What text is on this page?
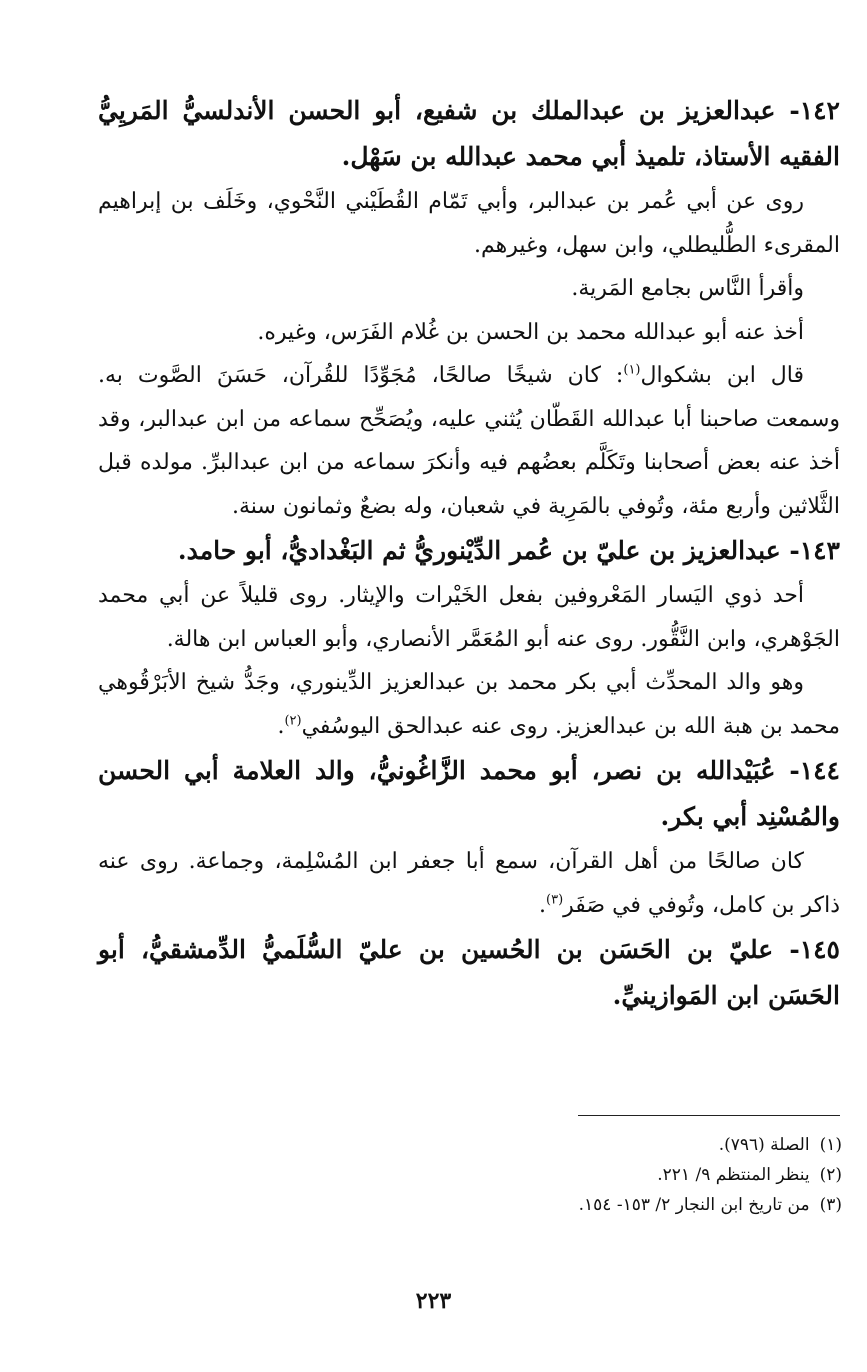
١٤٢- عبدالعزيز بن عبدالملك بن شفيع، أبو الحسن الأندلسيُّ المَريِيُّ الفقيه الأستاذ، تلميذ أبي محمد عبدالله بن سَهْل.

روى عن أبي عُمر بن عبدالبر، وأبي تَمّام القُطَيْني النَّحْوي، وخَلَف بن إبراهيم المقرىء الطُّليطلي، وابن سهل، وغيرهم.

وأقرأ النَّاس بجامع المَرية.

أخذ عنه أبو عبدالله محمد بن الحسن بن غُلام الفَرَس، وغيره.

قال ابن بشكوال$^{(١)}$: كان شيخًا صالحًا، مُجَوِّدًا للقُرآن، حَسَنَ الصَّوت به. وسمعت صاحبنا أبا عبدالله القَطّان يُثني عليه، ويُصَحِّح سماعه من ابن عبدالبر، وقد أخذ عنه بعض أصحابنا وتَكَلَّم بعضُهم فيه وأنكرَ سماعه من ابن عبدالبرِّ. مولده قبل الثَّلاثين وأربع مئة، وتُوفي بالمَرِية في شعبان، وله بضعٌ وثمانون سنة.

١٤٣- عبدالعزيز بن عليّ بن عُمر الدِّيْنوريُّ ثم البَغْداديُّ، أبو حامد.

أحد ذوي اليَسار المَعْروفين بفعل الخَيْرات والإيثار. روى قليلاً عن أبي محمد الجَوْهري، وابن النَّقُّور. روى عنه أبو المُعَمَّر الأنصاري، وأبو العباس ابن هالة.

وهو والد المحدِّث أبي بكر محمد بن عبدالعزيز الدِّينوري، وجَدُّ شيخ الأبَرْقُوهي محمد بن هبة الله بن عبدالعزيز. روى عنه عبدالحق اليوسُفي$^{(٢)}$.

١٤٤- عُبَيْدالله بن نصر، أبو محمد الزَّاغُونيُّ، والد العلامة أبي الحسن والمُسْنِد أبي بكر.

كان صالحًا من أهل القرآن، سمع أبا جعفر ابن المُسْلِمة، وجماعة. روى عنه ذاكر بن كامل، وتُوفي في صَفَر$^{(٣)}$.

١٤٥- عليّ بن الحَسَن بن الحُسين بن عليّ السُّلَميُّ الدِّمشقيُّ، أبو الحَسَن ابن المَوازينيِّ.

(١)الصلة (٧٩٦).

(٢)ينظر المنتظم ٩/ ٢٢١.

(٣)من تاريخ ابن النجار ٢/ ١٥٣- ١٥٤.

٢٢٣
